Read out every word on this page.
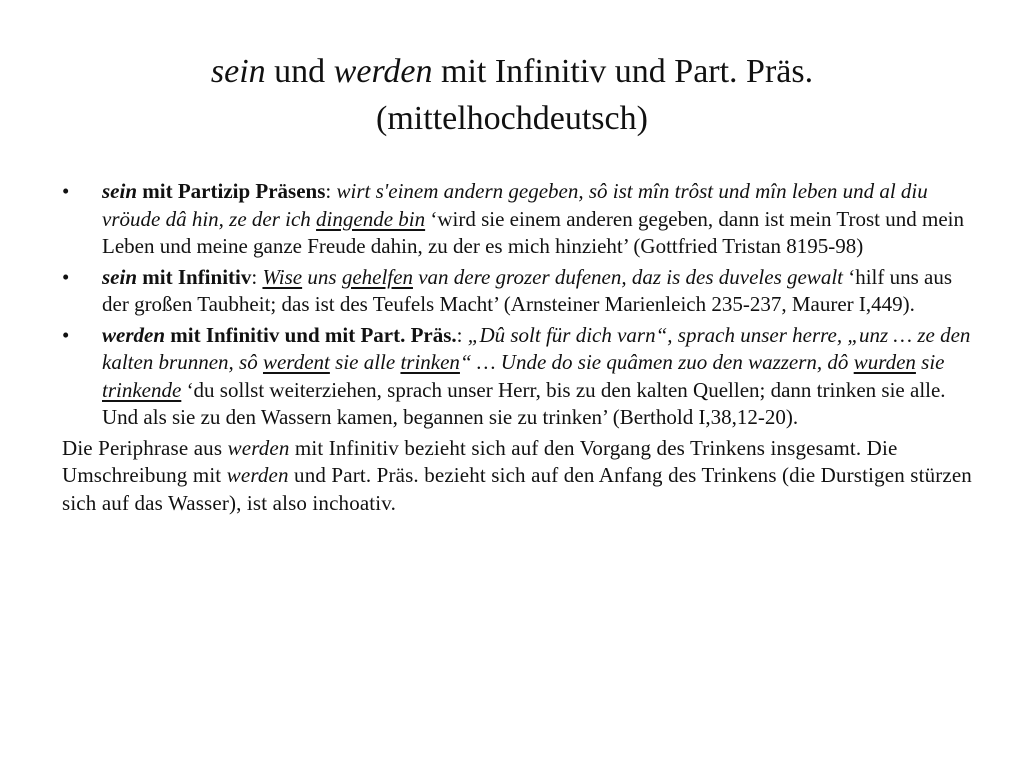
sein und werden mit Infinitiv und Part. Präs.
(mittelhochdeutsch)
•
sein mit Partizip Präsens: wirt s'einem andern gegeben, sô ist mîn trôst und mîn leben und al diu vröude dâ hin, ze der ich dingende bin ‘wird sie einem anderen gegeben, dann ist mein Trost und mein Leben und meine ganze Freude dahin, zu der es mich hinzieht’ (Gottfried Tristan 8195-98)
•
sein mit Infinitiv: Wise uns gehelfen van dere grozer dufenen, daz is des duveles gewalt ‘hilf uns aus der großen Taubheit; das ist des Teufels Macht’ (Arnsteiner Marienleich 235-237, Maurer I,449).
•
werden mit Infinitiv und mit Part. Präs.: „Dû solt für dich varn“, sprach unser herre, „unz … ze den kalten brunnen, sô werdent sie alle trinken“ … Unde do sie quâmen zuo den wazzern, dô wurden sie trinkende ‘du sollst weiterziehen, sprach unser Herr, bis zu den kalten Quellen; dann trinken sie alle. Und als sie zu den Wassern kamen, begannen sie zu trinken’ (Berthold I,38,12-20).
Die Periphrase aus werden mit Infinitiv bezieht sich auf den Vorgang des Trinkens insgesamt. Die Umschreibung mit werden und Part. Präs. bezieht sich auf den Anfang des Trinkens (die Durstigen stürzen sich auf das Wasser), ist also inchoativ.
